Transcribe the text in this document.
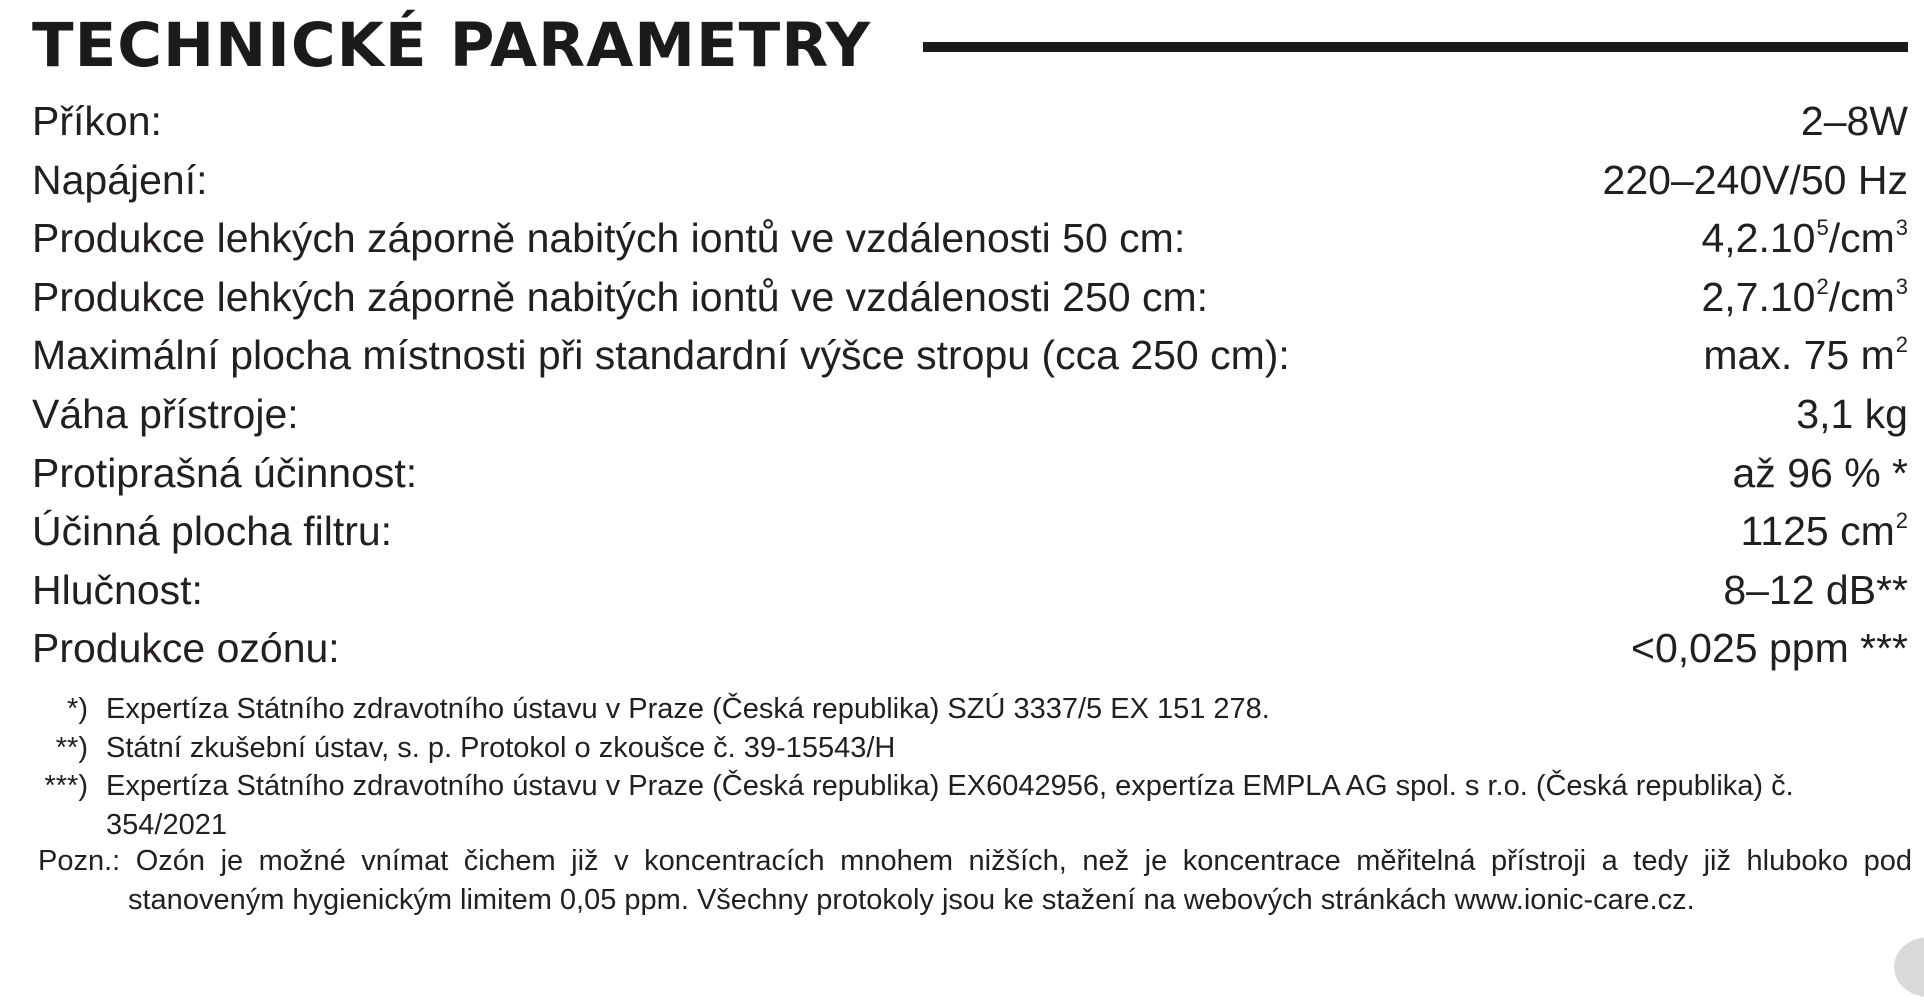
TECHNICKÉ PARAMETRY
Příkon:	2–8W
Napájení:	220–240V/50 Hz
Produkce lehkých záporně nabitých iontů ve vzdálenosti 50 cm:	$4,2.10^5/cm^3$
Produkce lehkých záporně nabitých iontů ve vzdálenosti 250 cm:	$2,7.10^2/cm^3$
Maximální plocha místnosti při standardní výšce stropu (cca 250 cm):	max. 75 $m^2$
Váha přístroje:	3,1 kg
Protiprašná účinnost:	až 96 % *
Účinná plocha filtru:	1125 $cm^2$
Hlučnost:	8–12 dB**
Produkce ozónu:	<0,025 ppm ***
*) Expertíza Státního zdravotního ústavu v Praze (Česká republika) SZÚ 3337/5 EX 151 278.
**) Státní zkušební ústav, s. p. Protokol o zkoušce č. 39-15543/H
***) Expertíza Státního zdravotního ústavu v Praze (Česká republika) EX6042956, expertíza EMPLA AG spol. s r.o. (Česká republika) č. 354/2021
Pozn.: Ozón je možné vnímat čichem již v koncentracích mnohem nižších, než je koncentrace měřitelná přístroji a tedy již hluboko pod
stanoveným hygienickým limitem 0,05 ppm. Všechny protokoly jsou ke stažení na webových stránkách www.ionic-care.cz.
